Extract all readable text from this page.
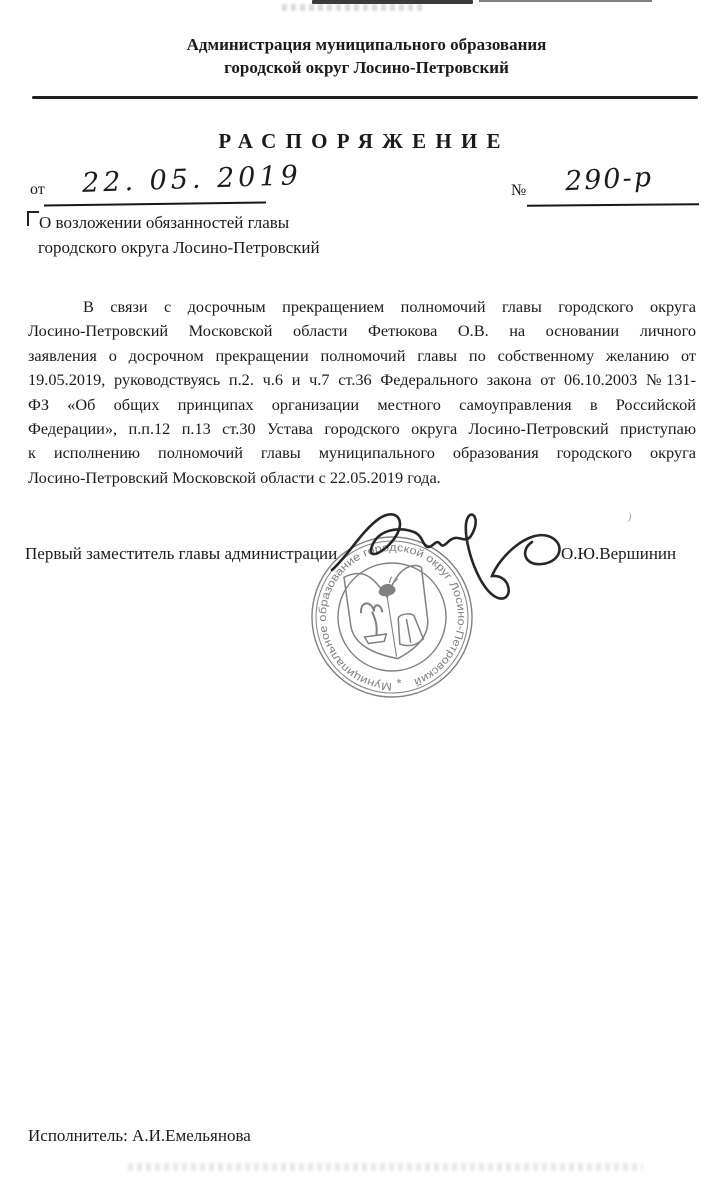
Администрация муниципального образования
городской округ Лосино-Петровский
РАСПОРЯЖЕНИЕ
от 22. 05. 2019	№ 290-р
О возложении обязанностей главы
городского округа Лосино-Петровский
В связи с досрочным прекращением полномочий главы городского округа
Лосино-Петровский Московской области Фетюкова О.В. на основании личного
заявления о досрочном прекращении полномочий главы по собственному желанию от
19.05.2019, руководствуясь п.2. ч.6 и ч.7 ст.36 Федерального закона от 06.10.2003 №131-
ФЗ «Об общих принципах организации местного самоуправления в Российской
Федерации», п.п.12 п.13 ст.30 Устава городского округа Лосино-Петровский приступаю
к исполнению полномочий главы муниципального образования городского округа
Лосино-Петровский Московской области с 22.05.2019 года.
Первый заместитель главы администрации	О.Ю.Вершинин
Муниципальное образование городской округ Лосино-Петровский
*
Исполнитель: А.И.Емельянова
